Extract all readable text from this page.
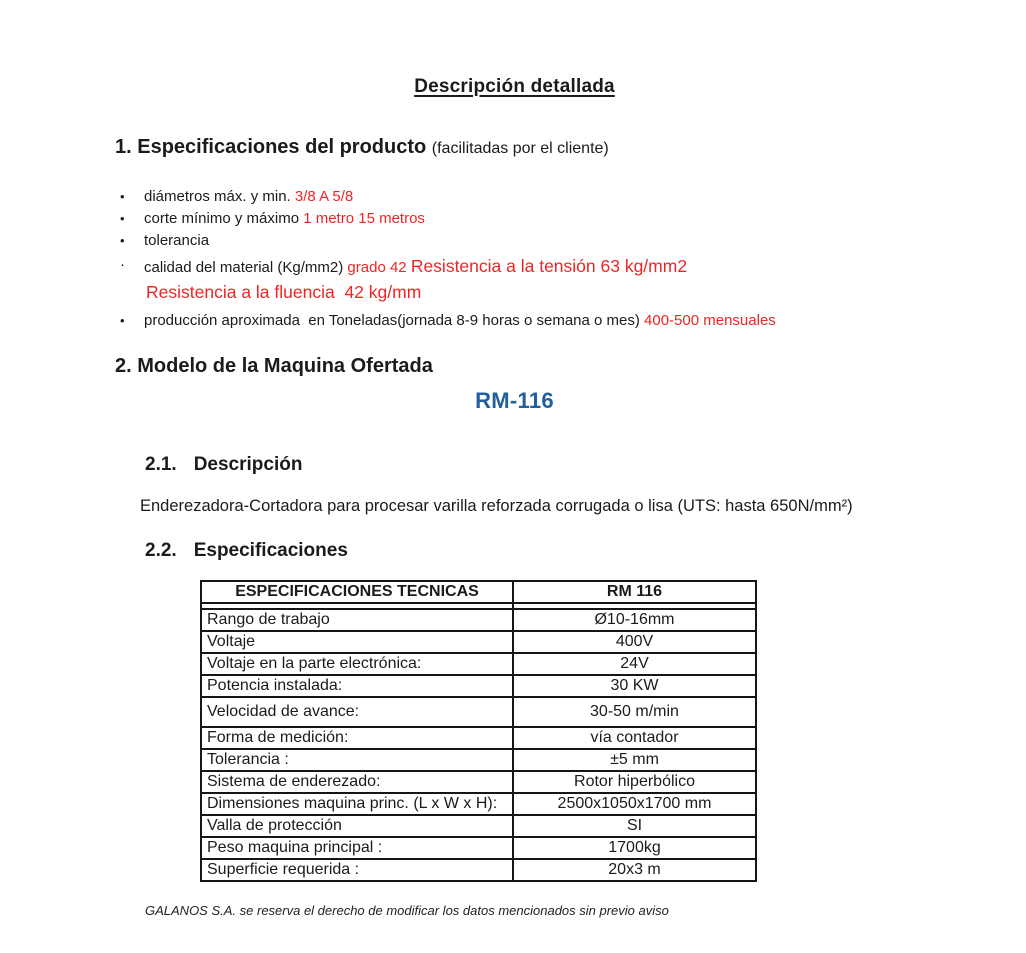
Descripción detallada
1. Especificaciones del producto (facilitadas por el cliente)
•	diámetros máx. y min. 3/8 A 5/8
•	corte mínimo y máximo 1 metro 15 metros
•	tolerancia
·	calidad del material (Kg/mm2) grado 42 Resistencia a la tensión 63 kg/mm2
Resistencia a la fluencia  42 kg/mm
•	producción aproximada  en Toneladas(jornada 8-9 horas o semana o mes) 400-500 mensuales
2. Modelo de la Maquina Ofertada
RM-116
2.1. Descripción

Enderezadora-Cortadora para procesar varilla reforzada corrugada o lisa (UTS: hasta 650N/mm²)

2.2. Especificaciones
ESPECIFICACIONES TECNICAS	RM 116
Rango de trabajo	Ø10-16mm
Voltaje	400V
Voltaje en la parte electrónica:	24V
Potencia instalada:	30 KW
Velocidad de avance:	30-50 m/min
Forma de medición:	vía contador
Tolerancia :	±5 mm
Sistema de enderezado:	Rotor hiperbólico
Dimensiones maquina princ. (L x W x H):	2500x1050x1700 mm
Valla de protección	SI
Peso maquina principal :	1700kg
Superficie requerida :	20x3 m
GALANOS S.A. se reserva el derecho de modificar los datos mencionados sin previo aviso
